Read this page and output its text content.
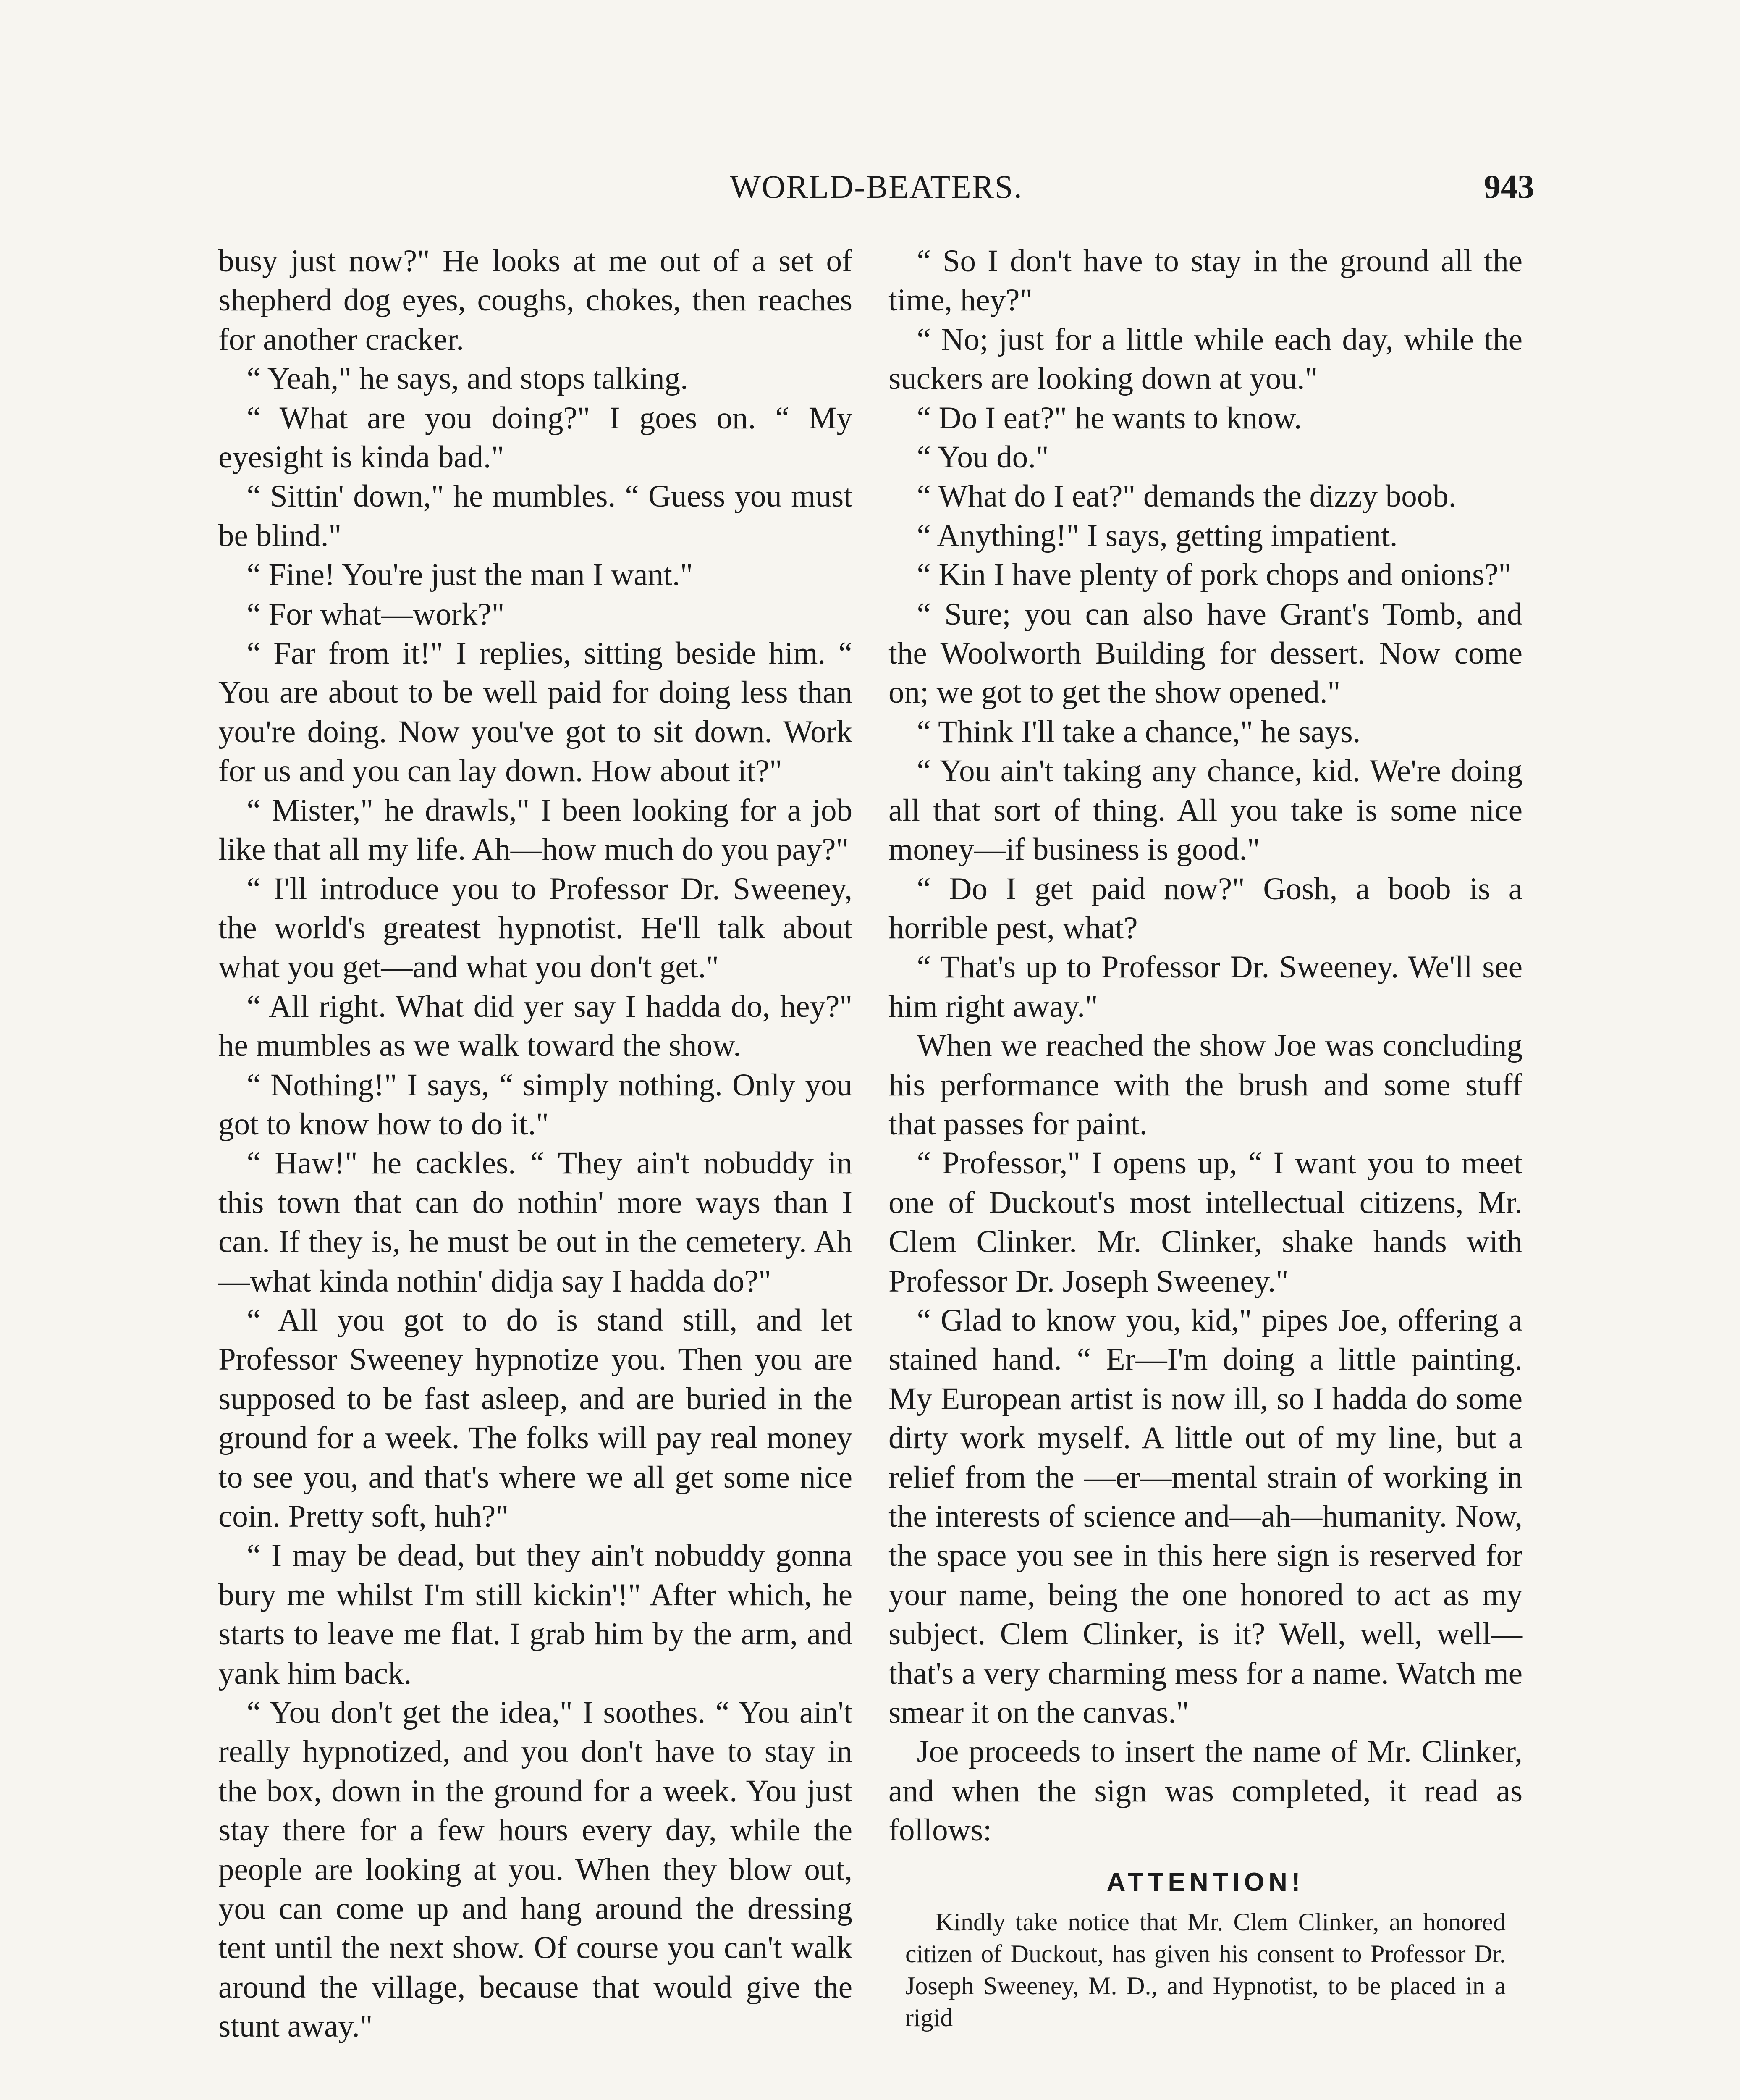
WORLD-BEATERS.	943

busy just now?" He looks at me out of a set of shepherd dog eyes, coughs, chokes, then reaches for another cracker.

“ Yeah," he says, and stops talking.

“ What are you doing?" I goes on. “ My eyesight is kinda bad."

“ Sittin' down," he mumbles. “ Guess you must be blind."

“ Fine! You're just the man I want."

“ For what—work?"

“ Far from it!" I replies, sitting beside him. “ You are about to be well paid for doing less than you're doing. Now you've got to sit down. Work for us and you can lay down. How about it?"

“ Mister," he drawls," I been looking for a job like that all my life. Ah—how much do you pay?"

“ I'll introduce you to Professor Dr. Sweeney, the world's greatest hypnotist. He'll talk about what you get—and what you don't get."

“ All right. What did yer say I hadda do, hey?" he mumbles as we walk toward the show.

“ Nothing!" I says, “ simply nothing. Only you got to know how to do it."

“ Haw!" he cackles. “ They ain't nobuddy in this town that can do nothin' more ways than I can. If they is, he must be out in the cemetery. Ah—what kinda nothin' didja say I hadda do?"

“ All you got to do is stand still, and let Professor Sweeney hypnotize you. Then you are supposed to be fast asleep, and are buried in the ground for a week. The folks will pay real money to see you, and that's where we all get some nice coin. Pretty soft, huh?"

“ I may be dead, but they ain't nobuddy gonna bury me whilst I'm still kickin'!" After which, he starts to leave me flat. I grab him by the arm, and yank him back.

“ You don't get the idea," I soothes. “ You ain't really hypnotized, and you don't have to stay in the box, down in the ground for a week. You just stay there for a few hours every day, while the people are looking at you. When they blow out, you can come up and hang around the dressing tent until the next show. Of course you can't walk around the village, because that would give the stunt away."

“ So I don't have to stay in the ground all the time, hey?"

“ No; just for a little while each day, while the suckers are looking down at you."

“ Do I eat?" he wants to know.

“ You do."

“ What do I eat?" demands the dizzy boob.

“ Anything!" I says, getting impatient.

“ Kin I have plenty of pork chops and onions?"

“ Sure; you can also have Grant's Tomb, and the Woolworth Building for dessert. Now come on; we got to get the show opened."

“ Think I'll take a chance," he says.

“ You ain't taking any chance, kid. We're doing all that sort of thing. All you take is some nice money—if business is good."

“ Do I get paid now?" Gosh, a boob is a horrible pest, what?

“ That's up to Professor Dr. Sweeney. We'll see him right away."

When we reached the show Joe was concluding his performance with the brush and some stuff that passes for paint.

“ Professor," I opens up, “ I want you to meet one of Duckout's most intellectual citizens, Mr. Clem Clinker. Mr. Clinker, shake hands with Professor Dr. Joseph Sweeney."

“ Glad to know you, kid," pipes Joe, offering a stained hand. “ Er—I'm doing a little painting. My European artist is now ill, so I hadda do some dirty work myself. A little out of my line, but a relief from the —er—mental strain of working in the interests of science and—ah—humanity. Now, the space you see in this here sign is reserved for your name, being the one honored to act as my subject. Clem Clinker, is it? Well, well, well—that's a very charming mess for a name. Watch me smear it on the canvas."

Joe proceeds to insert the name of Mr. Clinker, and when the sign was completed, it read as follows:

ATTENTION!
Kindly take notice that Mr. Clem Clinker, an honored citizen of Duckout, has given his consent to Professor Dr. Joseph Sweeney, M. D., and Hypnotist, to be placed in a rigid
